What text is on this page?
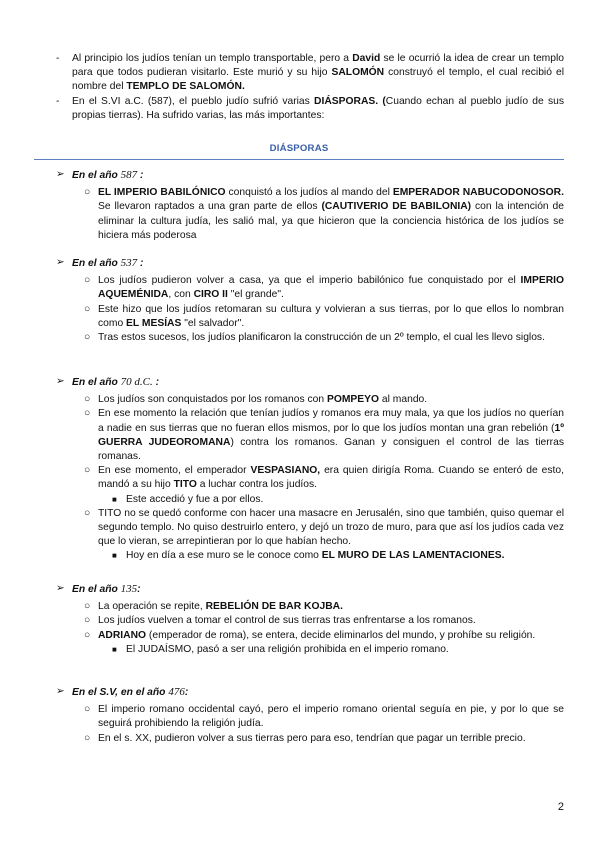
- Al principio los judíos tenían un templo transportable, pero a David se le ocurrió la idea de crear un templo para que todos pudieran visitarlo. Este murió y su hijo SALOMÓN construyó el templo, el cual recibió el nombre del TEMPLO DE SALOMÓN.
- En el S.VI a.C. (587), el pueblo judío sufrió varias DIÁSPORAS. (Cuando echan al pueblo judío de sus propias tierras). Ha sufrido varias, las más importantes:
DIÁSPORAS
➢ En el año 587 :
○ EL IMPERIO BABILÓNICO conquistó a los judíos al mando del EMPERADOR NABUCODONOSOR. Se llevaron raptados a una gran parte de ellos (CAUTIVERIO DE BABILONIA) con la intención de eliminar la cultura judía, les salió mal, ya que hicieron que la conciencia histórica de los judíos se hiciera más poderosa
➢ En el año 537 :
○ Los judíos pudieron volver a casa, ya que el imperio babilónico fue conquistado por el IMPERIO AQUEMÉNIDA, con CIRO II "el grande".
○ Este hizo que los judíos retomaran su cultura y volvieran a sus tierras, por lo que ellos lo nombran como EL MESÍAS "el salvador".
○ Tras estos sucesos, los judíos planificaron la construcción de un 2º templo, el cual les llevo siglos.
➢ En el año 70 d.C. :
○ Los judíos son conquistados por los romanos con POMPEYO al mando.
○ En ese momento la relación que tenían judíos y romanos era muy mala, ya que los judíos no querían a nadie en sus tierras que no fueran ellos mismos, por lo que los judíos montan una gran rebelión (1º GUERRA JUDEOROMANA) contra los romanos. Ganan y consiguen el control de las tierras romanas.
○ En ese momento, el emperador VESPASIANO, era quien dirigía Roma. Cuando se enteró de esto, mandó a su hijo TITO a luchar contra los judíos.
■ Este accedió y fue a por ellos.
○ TITO no se quedó conforme con hacer una masacre en Jerusalén, sino que también, quiso quemar el segundo templo. No quiso destruirlo entero, y dejó un trozo de muro, para que así los judíos cada vez que lo vieran, se arrepintieran por lo que habían hecho.
■ Hoy en día a ese muro se le conoce como EL MURO DE LAS LAMENTACIONES.
➢ En el año 135:
○ La operación se repite, REBELIÓN DE BAR KOJBA.
○ Los judíos vuelven a tomar el control de sus tierras tras enfrentarse a los romanos.
○ ADRIANO (emperador de roma), se entera, decide eliminarlos del mundo, y prohíbe su religión.
■ El JUDAÍSMO, pasó a ser una religión prohibida en el imperio romano.
➢ En el S.V, en el año 476:
○ El imperio romano occidental cayó, pero el imperio romano oriental seguía en pie, y por lo que se seguirá prohibiendo la religión judía.
○ En el s. XX, pudieron volver a sus tierras pero para eso, tendrían que pagar un terrible precio.
2
